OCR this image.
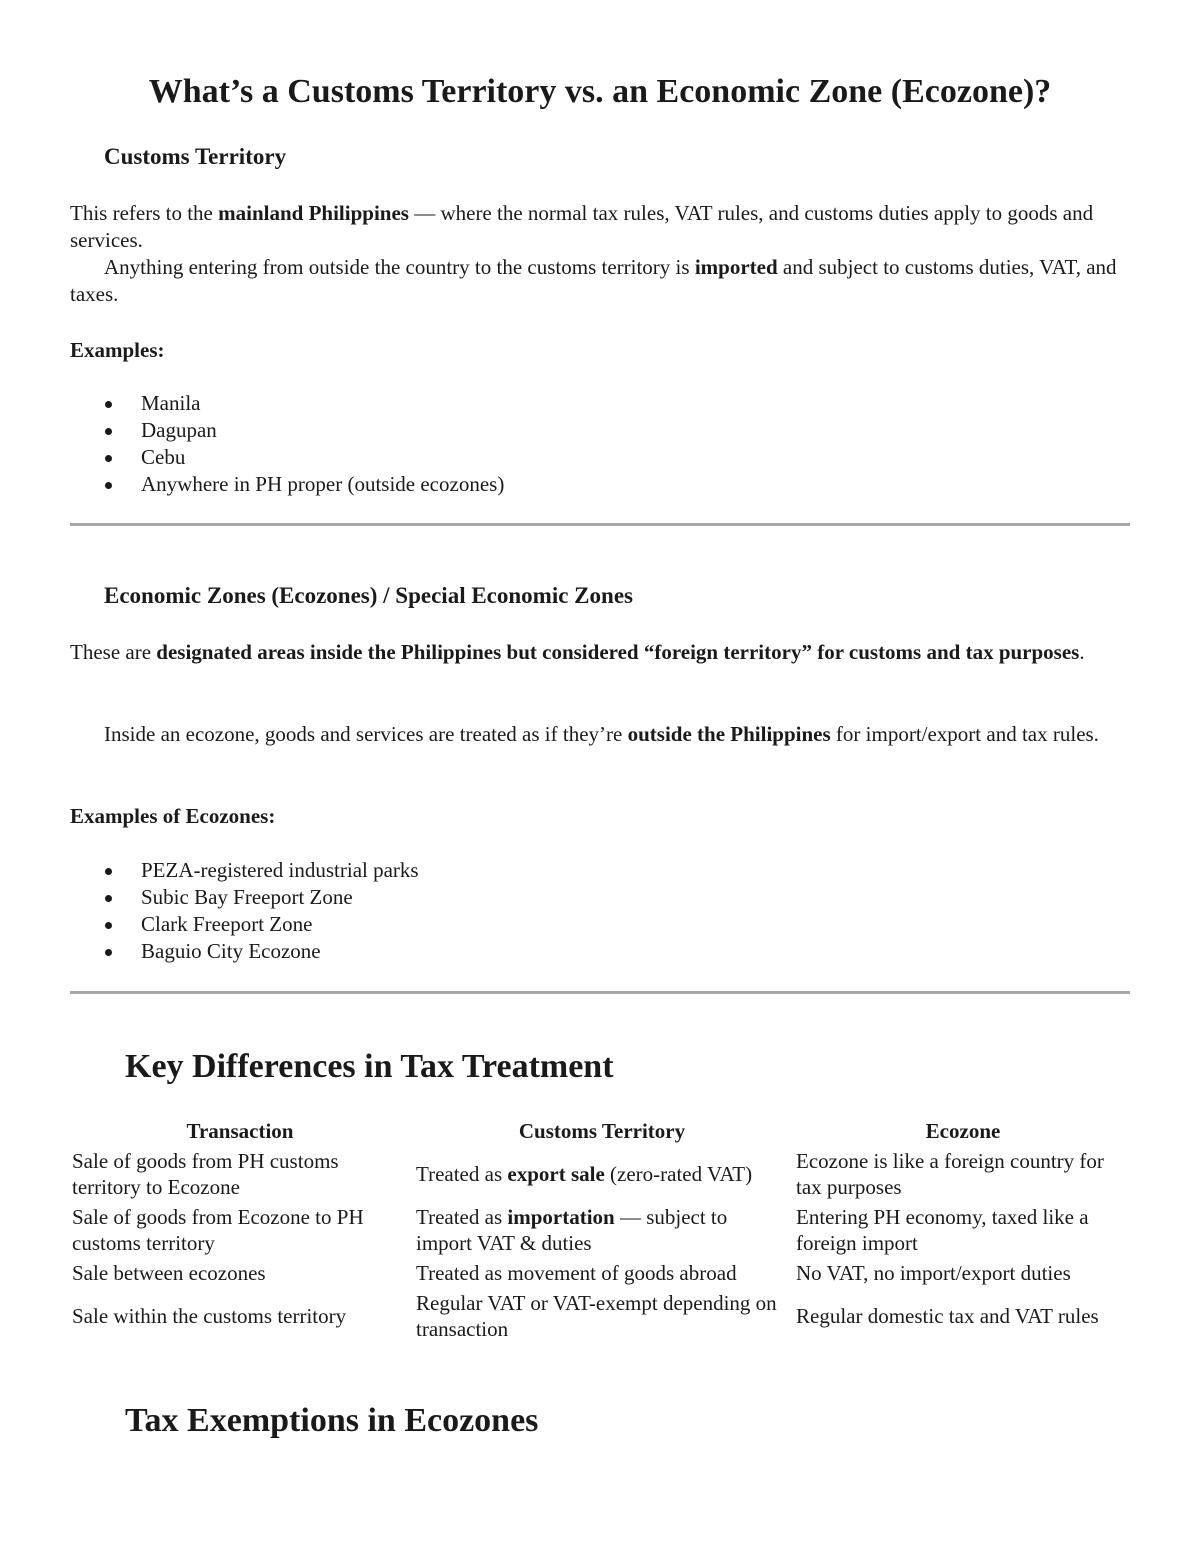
What’s a Customs Territory vs. an Economic Zone (Ecozone)?
Customs Territory

This refers to the mainland Philippines — where the normal tax rules, VAT rules, and customs duties apply to goods and services.
Anything entering from outside the country to the customs territory is imported and subject to customs duties, VAT, and taxes.

Examples:

Manila
Dagupan
Cebu
Anywhere in PH proper (outside ecozones)
Economic Zones (Ecozones) / Special Economic Zones

These are designated areas inside the Philippines but considered “foreign territory” for customs and tax purposes.

Inside an ecozone, goods and services are treated as if they’re outside the Philippines for import/export and tax rules.

Examples of Ecozones:

PEZA-registered industrial parks
Subic Bay Freeport Zone
Clark Freeport Zone
Baguio City Ecozone
Key Differences in Tax Treatment
Transaction	Customs Territory	Ecozone
Sale of goods from PH customs territory to Ecozone	Treated as export sale (zero-rated VAT)	Ecozone is like a foreign country for tax purposes
Sale of goods from Ecozone to PH customs territory	Treated as importation — subject to import VAT & duties	Entering PH economy, taxed like a foreign import
Sale between ecozones	Treated as movement of goods abroad	No VAT, no import/export duties
Sale within the customs territory	Regular VAT or VAT-exempt depending on transaction	Regular domestic tax and VAT rules
Tax Exemptions in Ecozones
